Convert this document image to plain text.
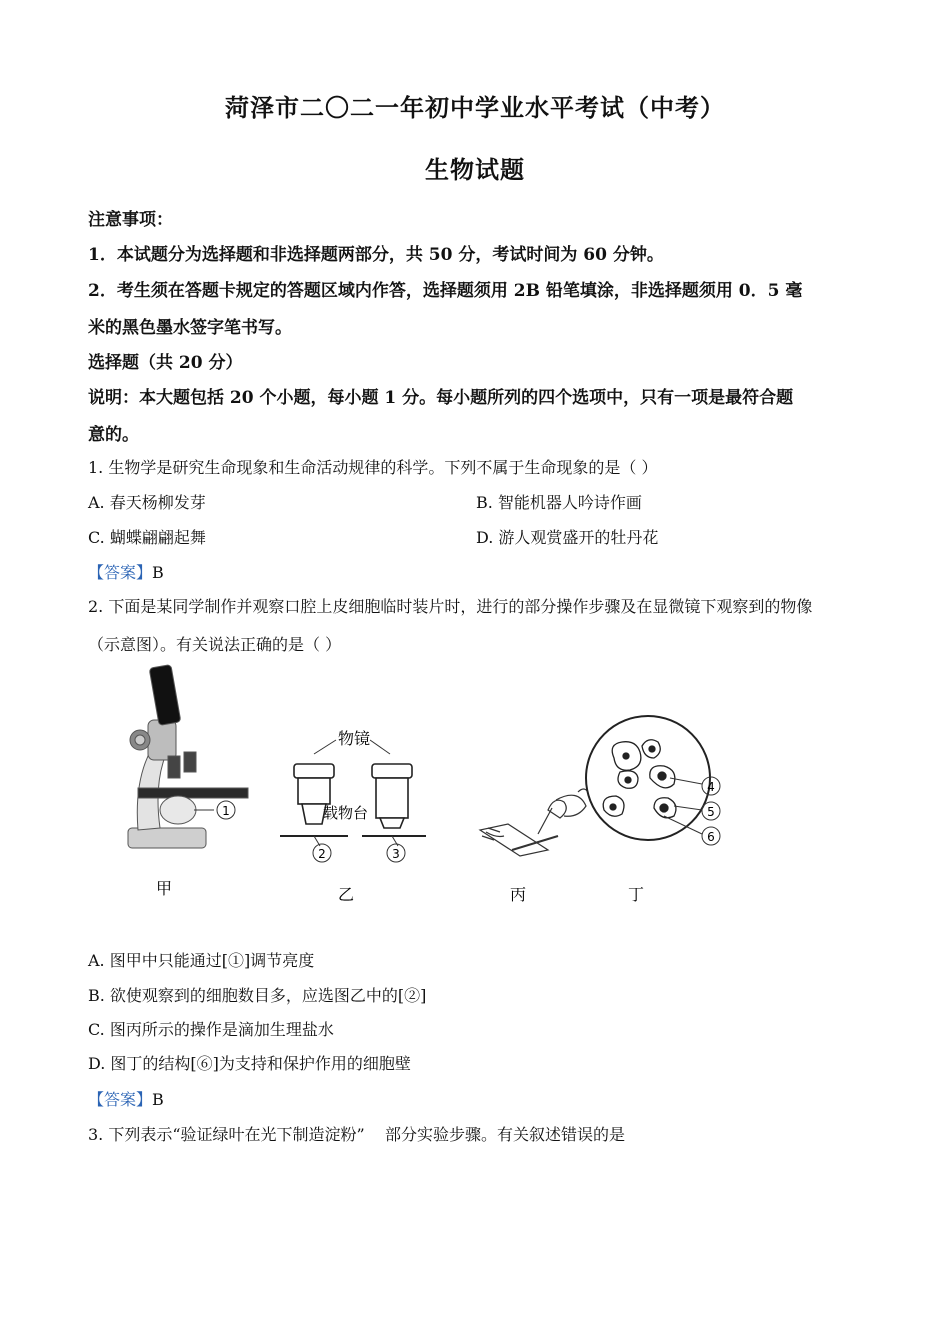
菏泽市二〇二一年初中学业水平考试（中考）
生物试题
注意事项：
1．本试题分为选择题和非选择题两部分，共 50 分，考试时间为 60 分钟。
2．考生须在答题卡规定的答题区域内作答，选择题须用 2B 铅笔填涂，非选择题须用 0．5 毫
米的黑色墨水签字笔书写。
选择题（共 20 分）
说明：本大题包括 20 个小题，每小题 1 分。每小题所列的四个选项中，只有一项是最符合题
意的。
1. 生物学是研究生命现象和生命活动规律的科学。下列不属于生命现象的是（ ）
A. 春天杨柳发芽	B. 智能机器人吟诗作画
C. 蝴蝶翩翩起舞	D. 游人观赏盛开的牡丹花
【答案】B
2. 下面是某同学制作并观察口腔上皮细胞临时装片时，进行的部分操作步骤及在显微镜下观察到的物像
（示意图）。有关说法正确的是（ ）
1
甲
物镜
载物台
2	3
乙	丙
4
5
6
丁
A. 图甲中只能通过[①]调节亮度
B. 欲使观察到的细胞数目多，应选图乙中的[②]
C. 图丙所示的操作是滴加生理盐水
D. 图丁的结构[⑥]为支持和保护作用的细胞壁
【答案】B
3. 下列表示“验证绿叶在光下制造淀粉”    部分实验步骤。有关叙述错误的是
